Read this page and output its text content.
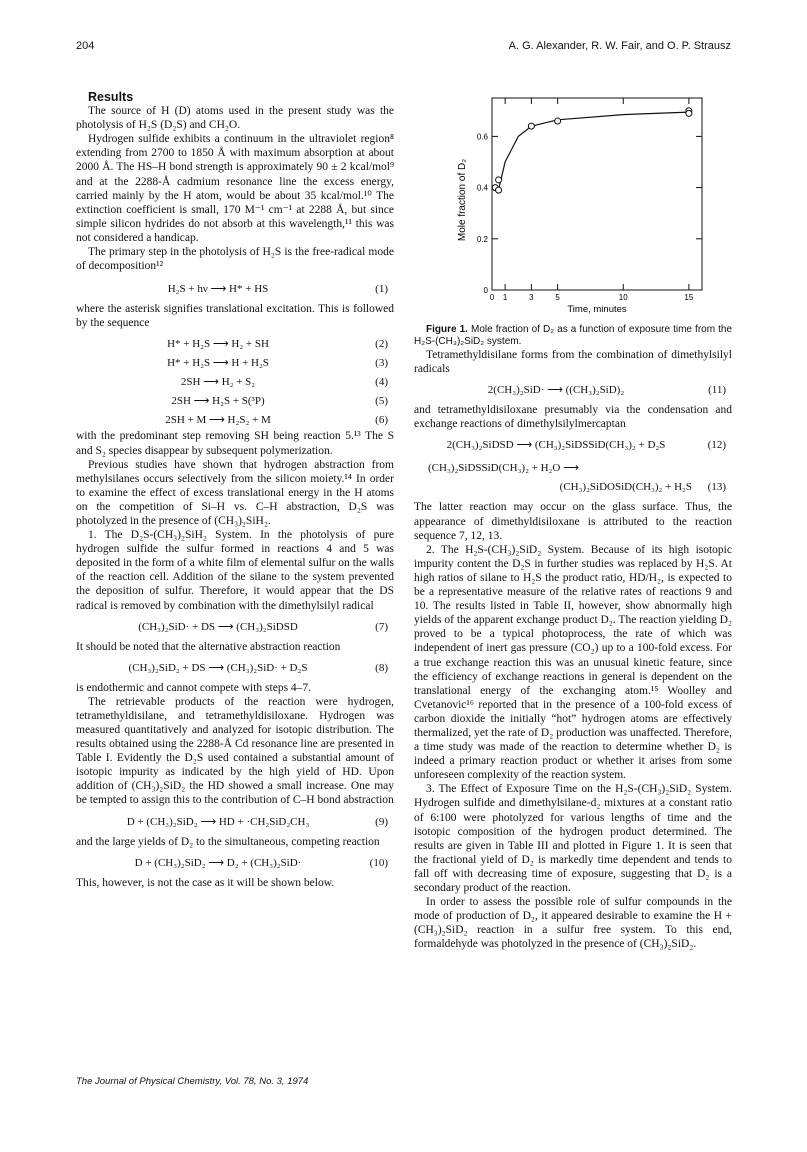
204	A. G. Alexander, R. W. Fair, and O. P. Strausz

Results

The source of H (D) atoms used in the present study was the photolysis of H₂S (D₂S) and CH₂O.

Hydrogen sulfide exhibits a continuum in the ultraviolet region⁸ extending from 2700 to 1850 Å with maximum absorption at about 2000 Å. The HS–H bond strength is approximately 90 ± 2 kcal/mol⁹ and at the 2288-Å cadmium resonance line the excess energy, carried mainly by the H atom, would be about 35 kcal/mol.¹⁰ The extinction coefficient is small, 170 M⁻¹ cm⁻¹ at 2288 Å, but since simple silicon hydrides do not absorb at this wavelength,¹¹ this was not considered a handicap.

The primary step in the photolysis of H₂S is the free-radical mode of decomposition¹²

H₂S + hν ⟶ H* + HS	(1)

where the asterisk signifies translational excitation. This is followed by the sequence

H* + H₂S ⟶ H₂ + SH	(2)
H* + H₂S ⟶ H + H₂S	(3)
2SH ⟶ H₂ + S₂	(4)
2SH ⟶ H₂S + S(³P)	(5)
2SH + M ⟶ H₂S₂ + M	(6)

with the predominant step removing SH being reaction 5.¹³ The S and S₂ species disappear by subsequent polymerization.

Previous studies have shown that hydrogen abstraction from methylsilanes occurs selectively from the silicon moiety.¹⁴ In order to examine the effect of excess translational energy in the H atoms on the competition of Si–H vs. C–H abstraction, D₂S was photolyzed in the presence of (CH₃)₂SiH₂.

1. The D₂S-(CH₃)₂SiH₂ System. In the photolysis of pure hydrogen sulfide the sulfur formed in reactions 4 and 5 was deposited in the form of a white film of elemental sulfur on the walls of the reaction cell. Addition of the silane to the system prevented the deposition of sulfur. Therefore, it would appear that the DS radical is removed by combination with the dimethylsilyl radical

(CH₃)₂SiD· + DS ⟶ (CH₃)₂SiDSD	(7)

It should be noted that the alternative abstraction reaction

(CH₃)₂SiD₂ + DS ⟶ (CH₃)₂SiD· + D₂S	(8)

is endothermic and cannot compete with steps 4–7.

The retrievable products of the reaction were hydrogen, tetramethyldisilane, and tetramethyldisiloxane. Hydrogen was measured quantitatively and analyzed for isotopic distribution. The results obtained using the 2288-Å Cd resonance line are presented in Table I. Evidently the D₂S used contained a substantial amount of isotopic impurity as indicated by the high yield of HD. Upon addition of (CH₃)₂SiD₂ the HD showed a small increase. One may be tempted to assign this to the contribution of C–H bond abstraction

D + (CH₃)₂SiD₂ ⟶ HD + ·CH₂SiD₂CH₃	(9)

and the large yields of D₂ to the simultaneous, competing reaction

D + (CH₃)₂SiD₂ ⟶ D₂ + (CH₃)₂SiD·	(10)

This, however, is not the case as it will be shown below.

0 1	3	5	10	15
0
0.2
0.4
0.6
Mole fraction of D₂
Time, minutes

Figure 1. Mole fraction of D₂ as a function of exposure time from the H₂S-(CH₃)₂SiD₂ system.

Tetramethyldisilane forms from the combination of dimethylsilyl radicals

2(CH₃)₂SiD· ⟶ ((CH₃)₂SiD)₂	(11)

and tetramethyldisiloxane presumably via the condensation and exchange reactions of dimethylsilylmercaptan

2(CH₃)₂SiDSD ⟶ (CH₃)₂SiDSSiD(CH₃)₂ + D₂S	(12)
(CH₃)₂SiDSSiD(CH₃)₂ + H₂O ⟶
(CH₃)₂SiDOSiD(CH₃)₂ + H₂S (13)

The latter reaction may occur on the glass surface. Thus, the appearance of dimethyldisiloxane is attributed to the reaction sequence 7, 12, 13.

2. The H₂S-(CH₃)₂SiD₂ System. Because of its high isotopic impurity content the D₂S in further studies was replaced by H₂S. At high ratios of silane to H₂S the product ratio, HD/H₂, is expected to be a representative measure of the relative rates of reactions 9 and 10. The results listed in Table II, however, show abnormally high yields of the apparent exchange product D₂. The reaction yielding D₂ proved to be a typical photoprocess, the rate of which was independent of inert gas pressure (CO₂) up to a 100-fold excess. For a true exchange reaction this was an unusual kinetic feature, since the efficiency of exchange reactions in general is dependent on the translational energy of the exchanging atom.¹⁵ Woolley and Cvetanovic¹⁶ reported that in the presence of a 100-fold excess of carbon dioxide the initially “hot” hydrogen atoms are effectively thermalized, yet the rate of D₂ production was unaffected. Therefore, a time study was made of the reaction to determine whether D₂ is indeed a primary reaction product or whether it arises from some unforeseen complexity of the reaction system.

3. The Effect of Exposure Time on the H₂S-(CH₃)₂SiD₂ System. Hydrogen sulfide and dimethylsilane-d₂ mixtures at a constant ratio of 6:100 were photolyzed for various lengths of time and the isotopic composition of the hydrogen product determined. The results are given in Table III and plotted in Figure 1. It is seen that the fractional yield of D₂ is markedly time dependent and tends to fall off with decreasing time of exposure, suggesting that D₂ is a secondary product of the reaction.

In order to assess the possible role of sulfur compounds in the mode of production of D₂, it appeared desirable to examine the H + (CH₃)₂SiD₂ reaction in a sulfur free system. To this end, formaldehyde was photolyzed in the presence of (CH₃)₂SiD₂.

The Journal of Physical Chemistry, Vol. 78, No. 3, 1974
